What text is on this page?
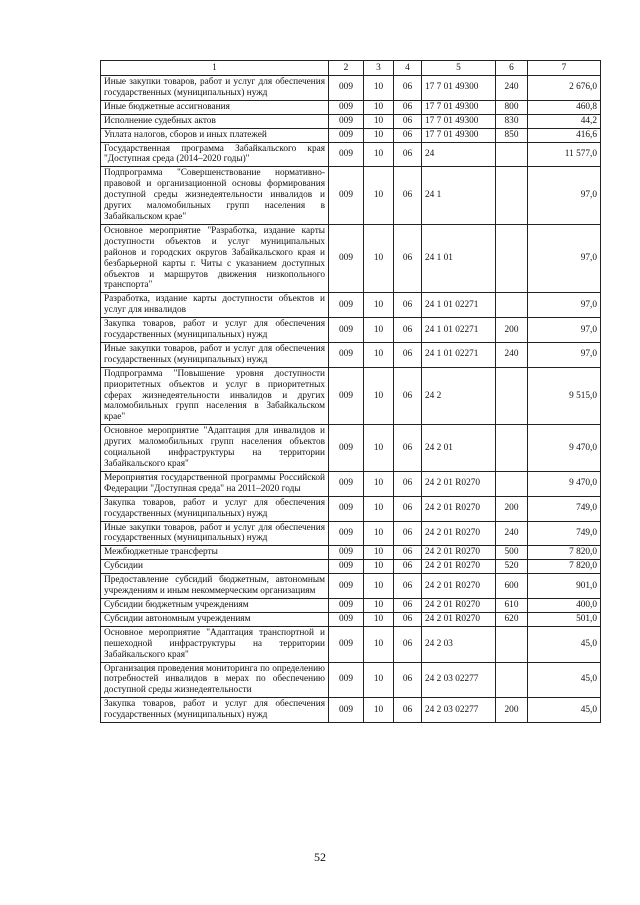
1	2	3	4	5	6	7
Иные закупки товаров, работ и услуг для обеспечения государственных (муниципальных) нужд	009	10	06	17 7 01 49300	240	2 676,0
Иные бюджетные ассигнования	009	10	06	17 7 01 49300	800	460,8
Исполнение судебных актов	009	10	06	17 7 01 49300	830	44,2
Уплата налогов, сборов и иных платежей	009	10	06	17 7 01 49300	850	416,6
Государственная программа Забайкальского края "Доступная среда (2014–2020 годы)"	009	10	06	24		11 577,0
Подпрограмма "Совершенствование нормативно-правовой и организационной основы формирования доступной среды жизнедеятельности инвалидов и других маломобильных групп населения в Забайкальском крае"	009	10	06	24 1		97,0
Основное мероприятие "Разработка, издание карты доступности объектов и услуг муниципальных районов и городских округов Забайкальского края и безбарьерной карты г. Читы с указанием доступных объектов и маршрутов движения низкопольного транспорта"	009	10	06	24 1 01		97,0
Разработка, издание карты доступности объектов и услуг для инвалидов	009	10	06	24 1 01 02271		97,0
Закупка товаров, работ и услуг для обеспечения государственных (муниципальных) нужд	009	10	06	24 1 01 02271	200	97,0
Иные закупки товаров, работ и услуг для обеспечения государственных (муниципальных) нужд	009	10	06	24 1 01 02271	240	97,0
Подпрограмма "Повышение уровня доступности приоритетных объектов и услуг в приоритетных сферах жизнедеятельности инвалидов и других маломобильных групп населения в Забайкальском крае"	009	10	06	24 2		9 515,0
Основное мероприятие "Адаптация для инвалидов и других маломобильных групп населения объектов социальной инфраструктуры на территории Забайкальского края"	009	10	06	24 2 01		9 470,0
Мероприятия государственной программы Российской Федерации "Доступная среда" на 2011–2020 годы	009	10	06	24 2 01 R0270		9 470,0
Закупка товаров, работ и услуг для обеспечения государственных (муниципальных) нужд	009	10	06	24 2 01 R0270	200	749,0
Иные закупки товаров, работ и услуг для обеспечения государственных (муниципальных) нужд	009	10	06	24 2 01 R0270	240	749,0
Межбюджетные трансферты	009	10	06	24 2 01 R0270	500	7 820,0
Субсидии	009	10	06	24 2 01 R0270	520	7 820,0
Предоставление субсидий бюджетным, автономным учреждениям и иным некоммерческим организациям	009	10	06	24 2 01 R0270	600	901,0
Субсидии бюджетным учреждениям	009	10	06	24 2 01 R0270	610	400,0
Субсидии автономным учреждениям	009	10	06	24 2 01 R0270	620	501,0
Основное мероприятие "Адаптация транспортной и пешеходной инфраструктуры на территории Забайкальского края"	009	10	06	24 2 03		45,0
Организация проведения мониторинга по определению потребностей инвалидов в мерах по обеспечению доступной среды жизнедеятельности	009	10	06	24 2 03 02277		45,0
Закупка товаров, работ и услуг для обеспечения государственных (муниципальных) нужд	009	10	06	24 2 03 02277	200	45,0
52
